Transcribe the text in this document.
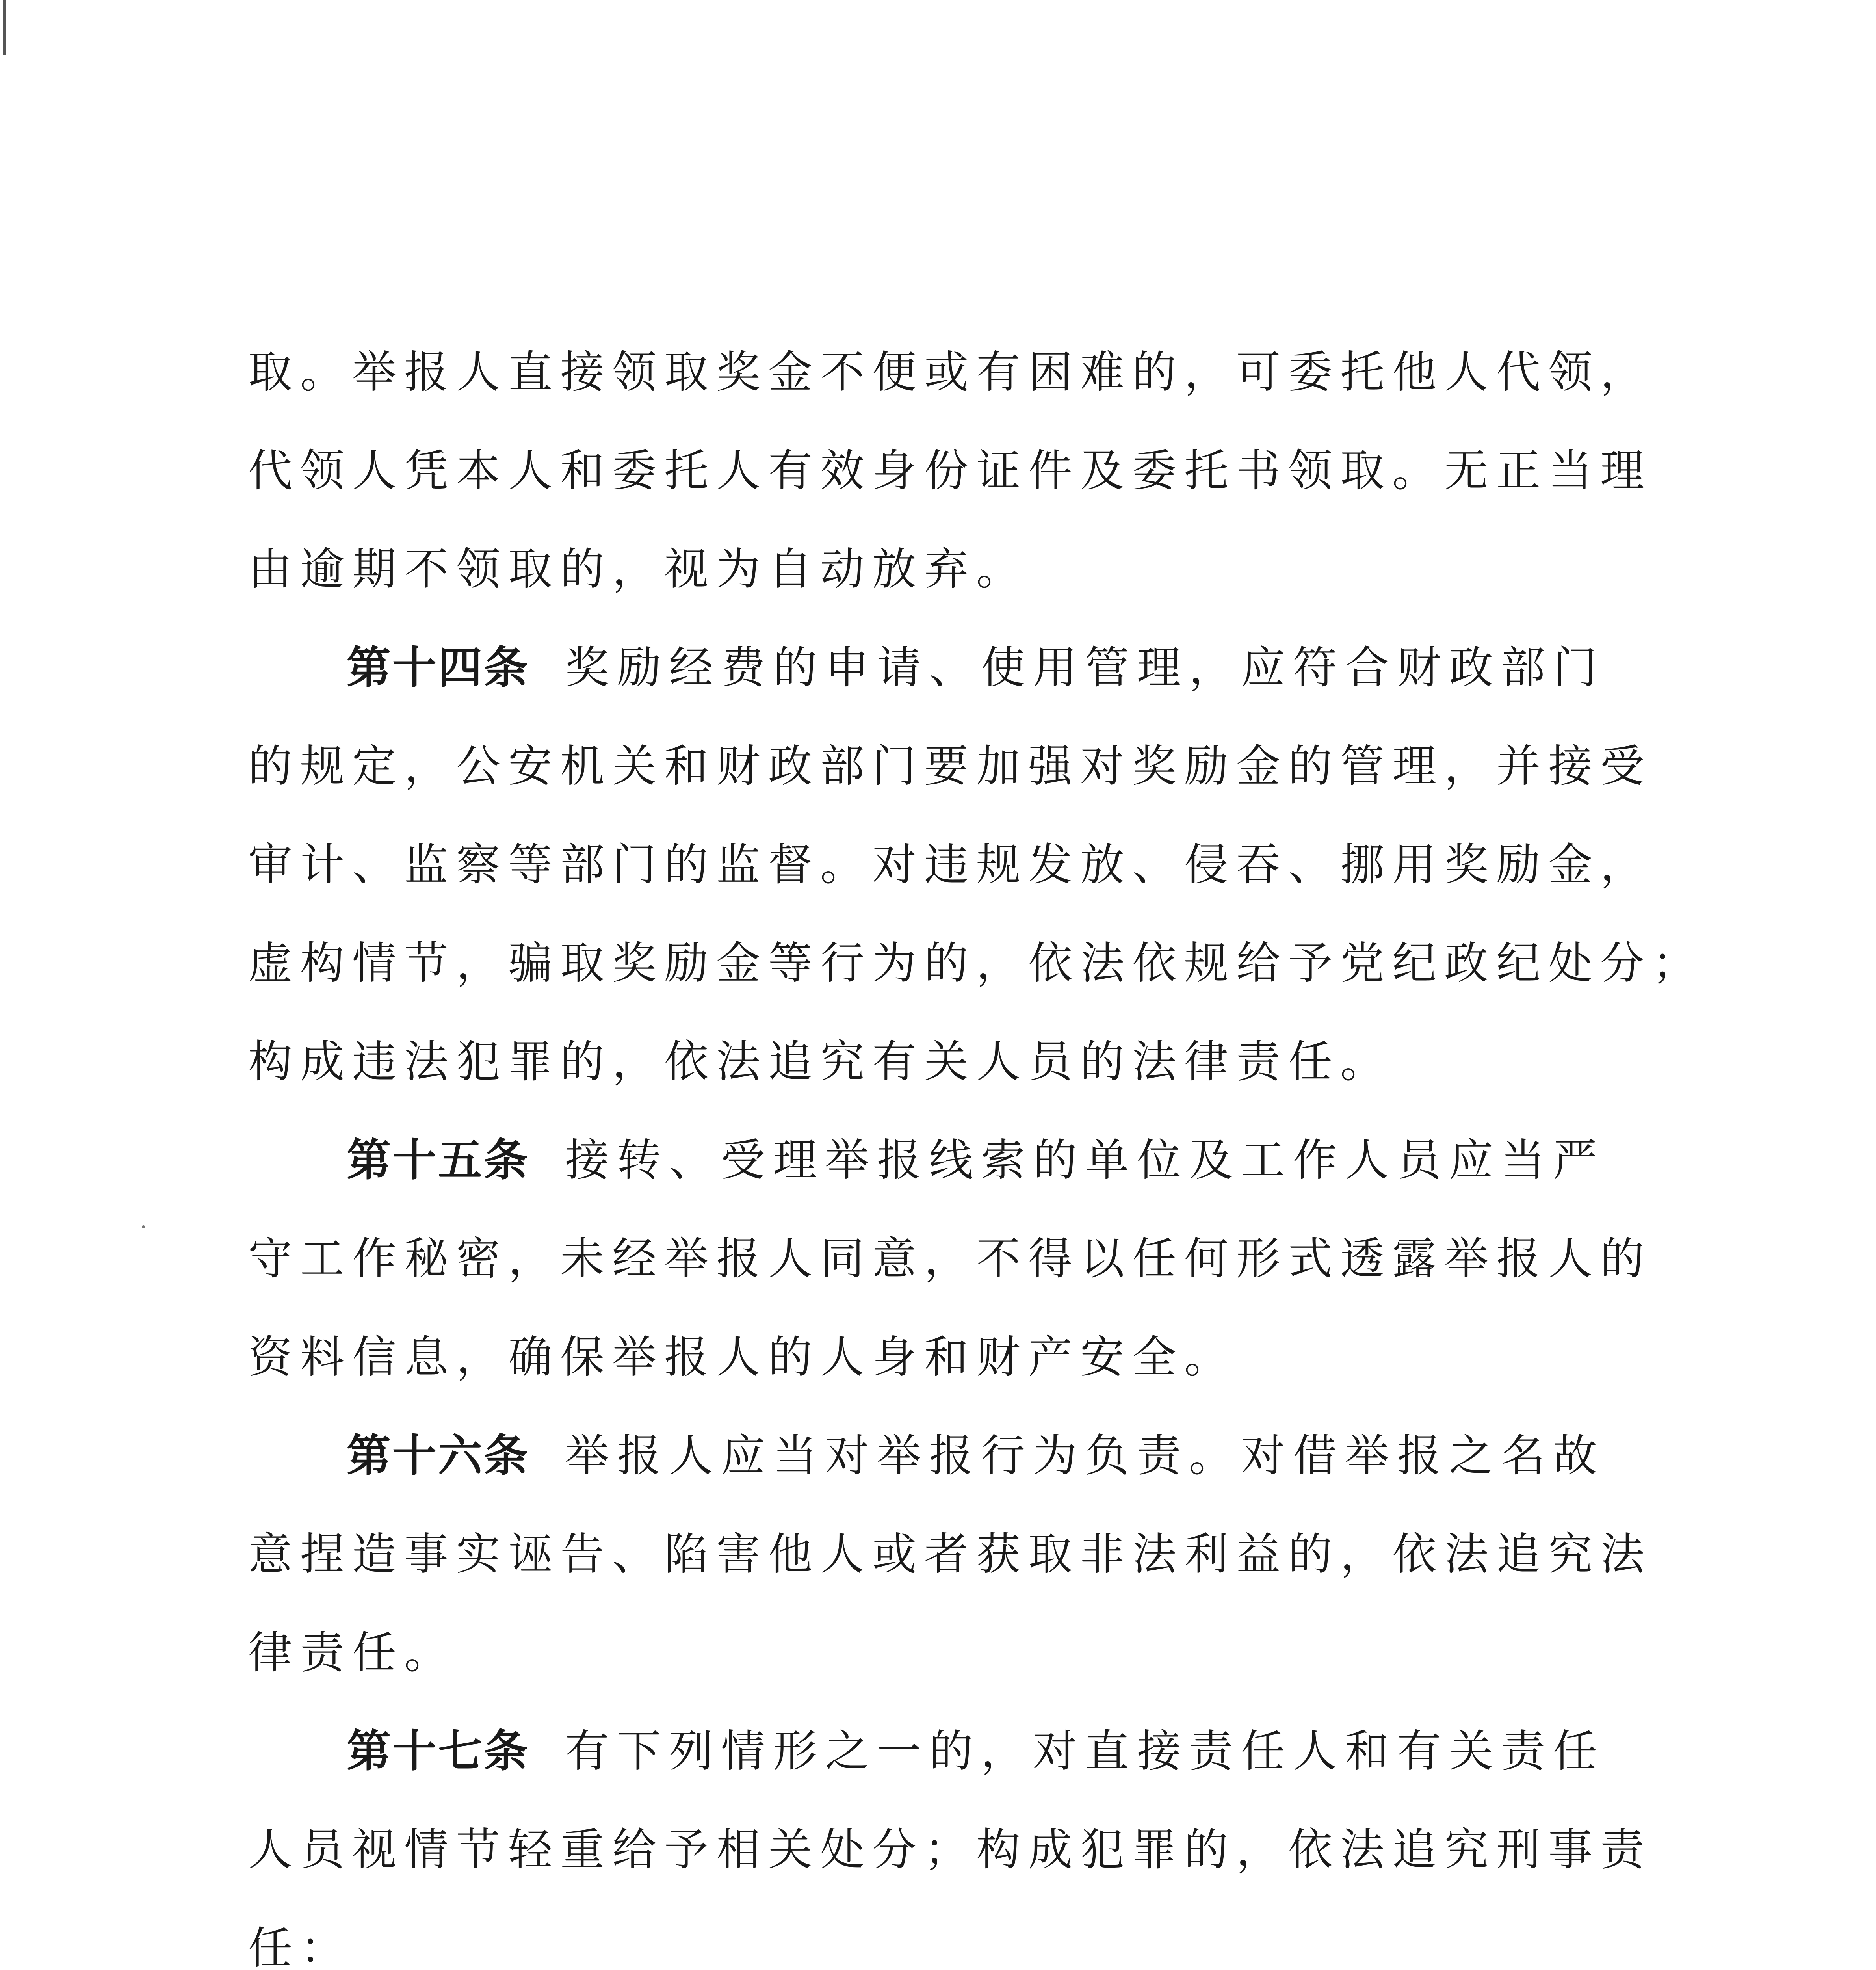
取。举报人直接领取奖金不便或有困难的，可委托他人代领，
代领人凭本人和委托人有效身份证件及委托书领取。无正当理
由逾期不领取的，视为自动放弃。
第十四条 奖励经费的申请、使用管理，应符合财政部门
的规定，公安机关和财政部门要加强对奖励金的管理，并接受
审计、监察等部门的监督。对违规发放、侵吞、挪用奖励金，
虚构情节，骗取奖励金等行为的，依法依规给予党纪政纪处分；
构成违法犯罪的，依法追究有关人员的法律责任。
第十五条 接转、受理举报线索的单位及工作人员应当严
守工作秘密，未经举报人同意，不得以任何形式透露举报人的
资料信息，确保举报人的人身和财产安全。
第十六条 举报人应当对举报行为负责。对借举报之名故
意捏造事实诬告、陷害他人或者获取非法利益的，依法追究法
律责任。
第十七条 有下列情形之一的，对直接责任人和有关责任
人员视情节轻重给予相关处分；构成犯罪的，依法追究刑事责
任：
